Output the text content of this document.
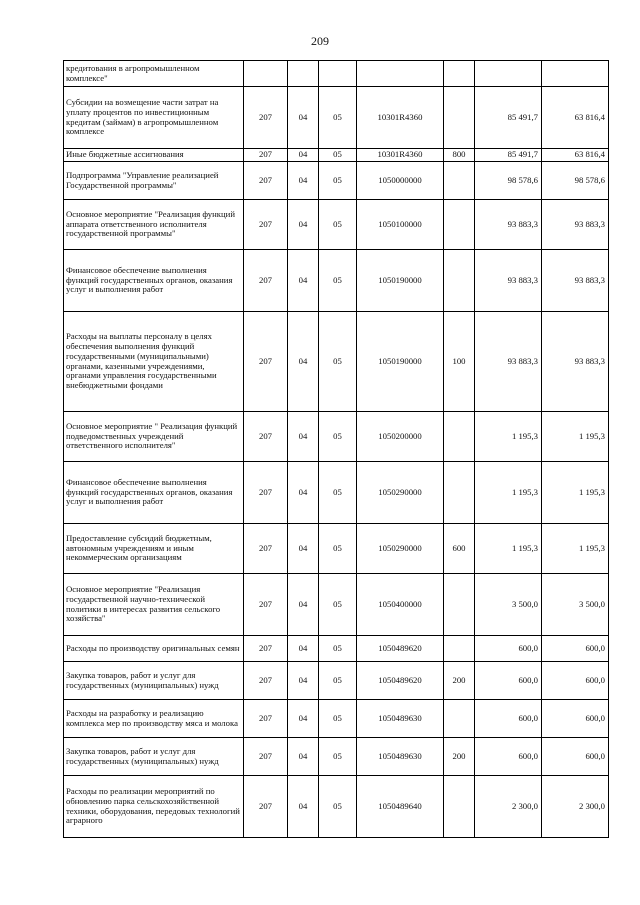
209
кредитования в агропромышленном комплексе"							
Субсидии на возмещение части затрат на уплату процентов по инвестиционным кредитам (займам) в агропромышленном комплексе	207	04	05	10301R4360		85 491,7	63 816,4
Иные бюджетные ассигнования	207	04	05	10301R4360	800	85 491,7	63 816,4
Подпрограмма "Управление реализацией Государственной программы"	207	04	05	1050000000		98 578,6	98 578,6
Основное мероприятие "Реализация функций аппарата ответственного исполнителя государственной программы"	207	04	05	1050100000		93 883,3	93 883,3
Финансовое обеспечение выполнения функций государственных органов, оказания услуг и выполнения работ	207	04	05	1050190000		93 883,3	93 883,3
Расходы на выплаты персоналу в целях обеспечения выполнения функций государственными (муниципальными) органами, казенными учреждениями, органами управления государственными внебюджетными фондами	207	04	05	1050190000	100	93 883,3	93 883,3
Основное мероприятие " Реализация функций подведомственных учреждений ответственного исполнителя"	207	04	05	1050200000		1 195,3	1 195,3
Финансовое обеспечение выполнения функций государственных органов, оказания услуг и выполнения работ	207	04	05	1050290000		1 195,3	1 195,3
Предоставление субсидий бюджетным, автономным учреждениям и иным некоммерческим организациям	207	04	05	1050290000	600	1 195,3	1 195,3
Основное мероприятие "Реализация государственной научно-технической политики в интересах развития сельского хозяйства"	207	04	05	1050400000		3 500,0	3 500,0
Расходы по производству оригинальных семян	207	04	05	1050489620		600,0	600,0
Закупка товаров, работ и услуг для государственных (муниципальных) нужд	207	04	05	1050489620	200	600,0	600,0
Расходы на разработку и реализацию комплекса мер по производству мяса и молока	207	04	05	1050489630		600,0	600,0
Закупка товаров, работ и услуг для государственных (муниципальных) нужд	207	04	05	1050489630	200	600,0	600,0
Расходы по реализации мероприятий по обновлению парка сельскохозяйственной техники, оборудования, передовых технологий аграрного	207	04	05	1050489640		2 300,0	2 300,0
